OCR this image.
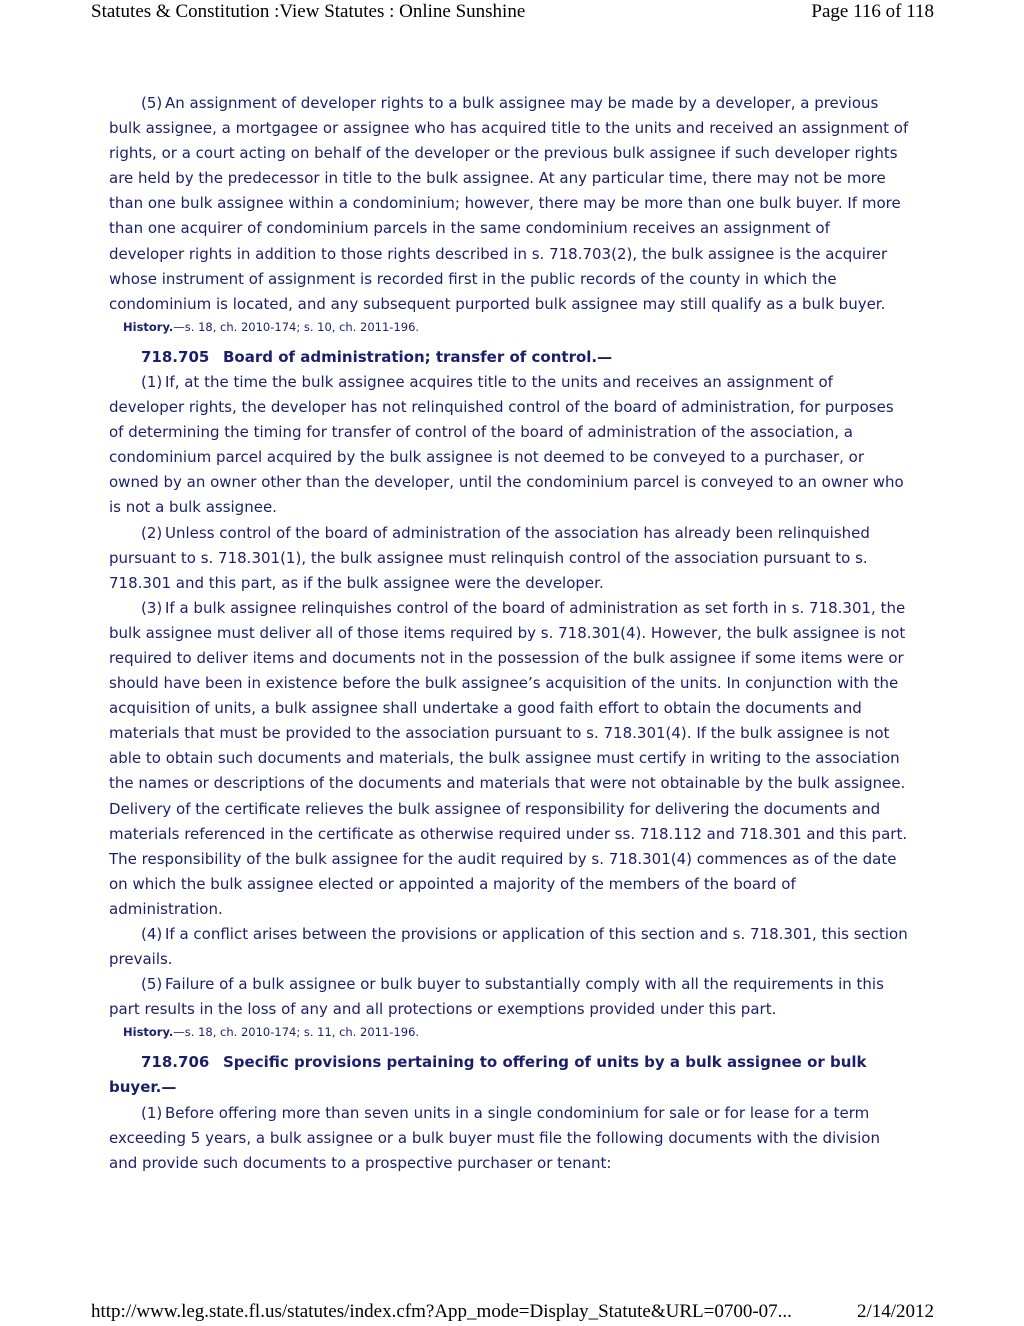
Statutes & Constitution :View Statutes : Online Sunshine	Page 116 of 118

(5) An assignment of developer rights to a bulk assignee may be made by a developer, a previous bulk assignee, a mortgagee or assignee who has acquired title to the units and received an assignment of rights, or a court acting on behalf of the developer or the previous bulk assignee if such developer rights are held by the predecessor in title to the bulk assignee. At any particular time, there may not be more than one bulk assignee within a condominium; however, there may be more than one bulk buyer. If more than one acquirer of condominium parcels in the same condominium receives an assignment of developer rights in addition to those rights described in s. 718.703(2), the bulk assignee is the acquirer whose instrument of assignment is recorded first in the public records of the county in which the condominium is located, and any subsequent purported bulk assignee may still qualify as a bulk buyer.

History.—s. 18, ch. 2010-174; s. 10, ch. 2011-196.

718.705 Board of administration; transfer of control.—

(1) If, at the time the bulk assignee acquires title to the units and receives an assignment of developer rights, the developer has not relinquished control of the board of administration, for purposes of determining the timing for transfer of control of the board of administration of the association, a condominium parcel acquired by the bulk assignee is not deemed to be conveyed to a purchaser, or owned by an owner other than the developer, until the condominium parcel is conveyed to an owner who is not a bulk assignee.

(2) Unless control of the board of administration of the association has already been relinquished pursuant to s. 718.301(1), the bulk assignee must relinquish control of the association pursuant to s. 718.301 and this part, as if the bulk assignee were the developer.

(3) If a bulk assignee relinquishes control of the board of administration as set forth in s. 718.301, the bulk assignee must deliver all of those items required by s. 718.301(4). However, the bulk assignee is not required to deliver items and documents not in the possession of the bulk assignee if some items were or should have been in existence before the bulk assignee’s acquisition of the units. In conjunction with the acquisition of units, a bulk assignee shall undertake a good faith effort to obtain the documents and materials that must be provided to the association pursuant to s. 718.301(4). If the bulk assignee is not able to obtain such documents and materials, the bulk assignee must certify in writing to the association the names or descriptions of the documents and materials that were not obtainable by the bulk assignee. Delivery of the certificate relieves the bulk assignee of responsibility for delivering the documents and materials referenced in the certificate as otherwise required under ss. 718.112 and 718.301 and this part. The responsibility of the bulk assignee for the audit required by s. 718.301(4) commences as of the date on which the bulk assignee elected or appointed a majority of the members of the board of administration.

(4) If a conflict arises between the provisions or application of this section and s. 718.301, this section prevails.

(5) Failure of a bulk assignee or bulk buyer to substantially comply with all the requirements in this part results in the loss of any and all protections or exemptions provided under this part.

History.—s. 18, ch. 2010-174; s. 11, ch. 2011-196.

718.706 Specific provisions pertaining to offering of units by a bulk assignee or bulk buyer.—

(1) Before offering more than seven units in a single condominium for sale or for lease for a term exceeding 5 years, a bulk assignee or a bulk buyer must file the following documents with the division and provide such documents to a prospective purchaser or tenant:

http://www.leg.state.fl.us/statutes/index.cfm?App_mode=Display_Statute&URL=0700-07...	2/14/2012
